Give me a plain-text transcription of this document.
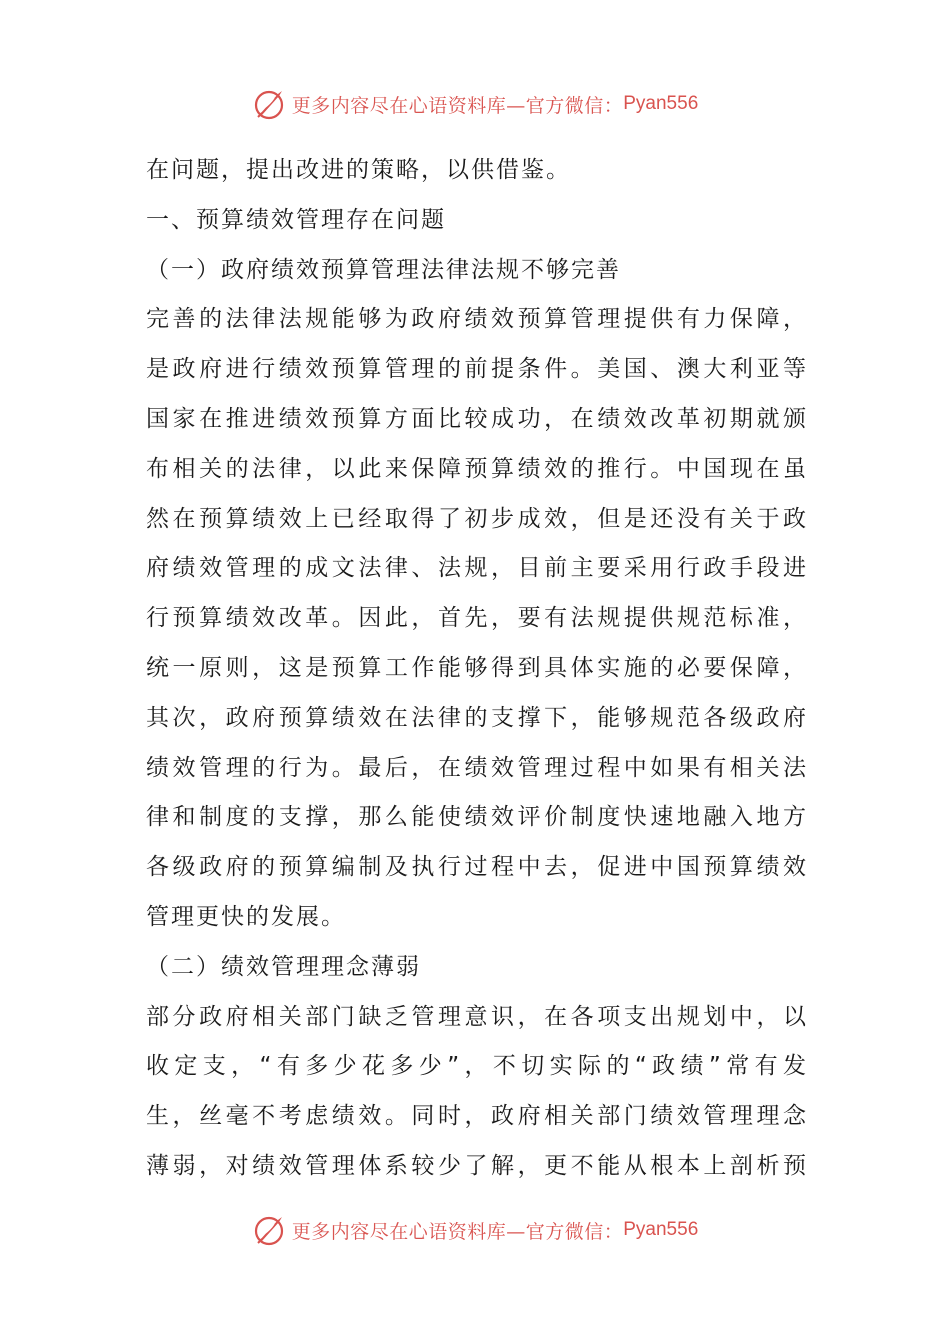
更多内容尽在心语资料库—官方微信： Pyan556
在问题，提出改进的策略，以供借鉴。
一、预算绩效管理存在问题
（一）政府绩效预算管理法律法规不够完善
完善的法律法规能够为政府绩效预算管理提供有力保障，
是政府进行绩效预算管理的前提条件。美国、澳大利亚等
国家在推进绩效预算方面比较成功，在绩效改革初期就颁
布相关的法律，以此来保障预算绩效的推行。中国现在虽
然在预算绩效上已经取得了初步成效，但是还没有关于政
府绩效管理的成文法律、法规，目前主要采用行政手段进
行预算绩效改革。因此，首先，要有法规提供规范标准，
统一原则，这是预算工作能够得到具体实施的必要保障，
其次，政府预算绩效在法律的支撑下，能够规范各级政府
绩效管理的行为。最后，在绩效管理过程中如果有相关法
律和制度的支撑，那么能使绩效评价制度快速地融入地方
各级政府的预算编制及执行过程中去，促进中国预算绩效
管理更快的发展。
（二）绩效管理理念薄弱
部分政府相关部门缺乏管理意识，在各项支出规划中，以
收定支，“有多少花多少”，不切实际的“政绩”常有发
生，丝毫不考虑绩效。同时，政府相关部门绩效管理理念
薄弱，对绩效管理体系较少了解，更不能从根本上剖析预
更多内容尽在心语资料库—官方微信： Pyan556
